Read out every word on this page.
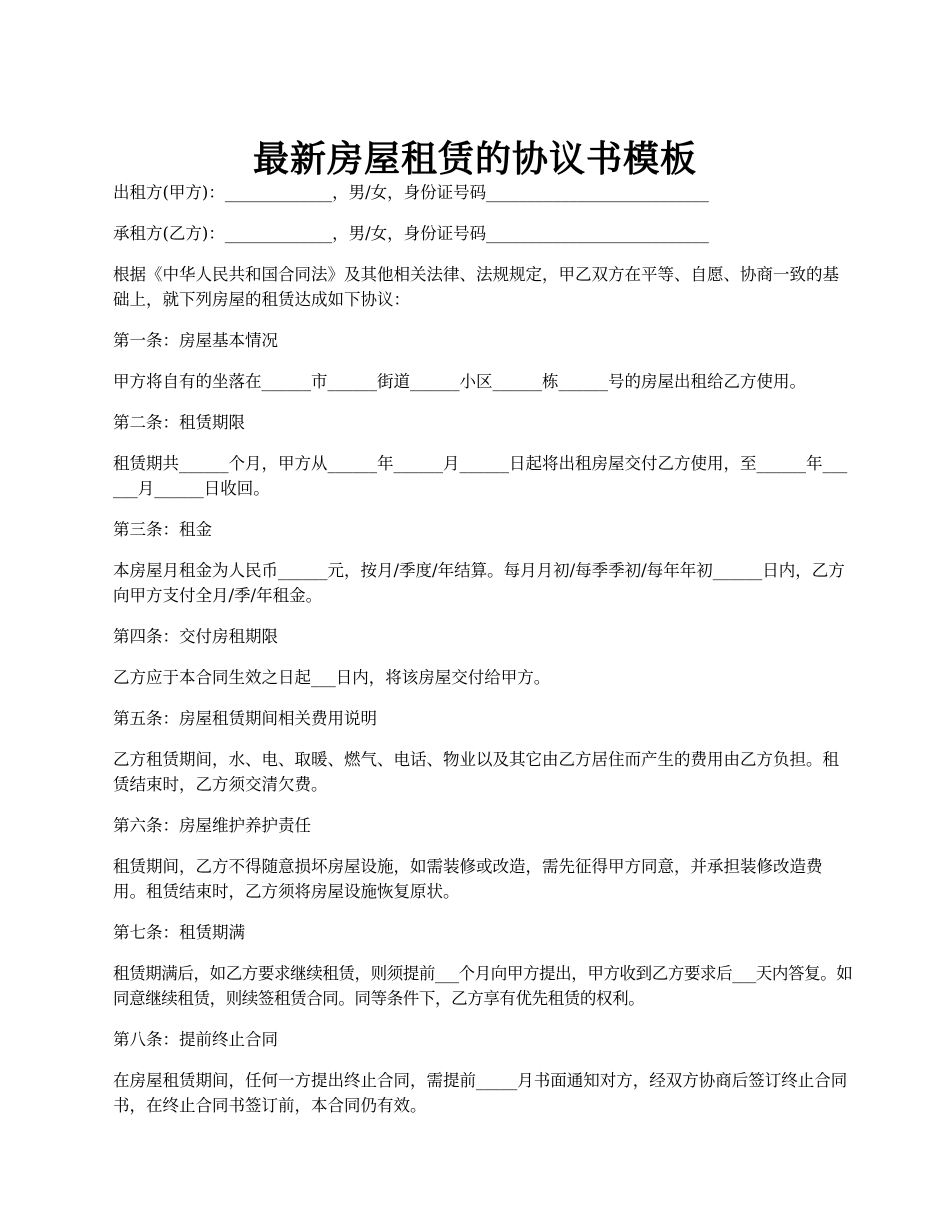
最新房屋租赁的协议书模板

出租方(甲方)：_____________，男/女，身份证号码___________________________

承租方(乙方)：_____________，男/女，身份证号码___________________________

根据《中华人民共和国合同法》及其他相关法律、法规规定，甲乙双方在平等、自愿、协商一致的基础上，就下列房屋的租赁达成如下协议：

第一条：房屋基本情况

甲方将自有的坐落在______市______街道______小区______栋______号的房屋出租给乙方使用。

第二条：租赁期限

租赁期共______个月，甲方从______年______月______日起将出租房屋交付乙方使用，至______年______月______日收回。

第三条：租金

本房屋月租金为人民币______元，按月/季度/年结算。每月月初/每季季初/每年年初______日内，乙方向甲方支付全月/季/年租金。

第四条：交付房租期限

乙方应于本合同生效之日起___日内，将该房屋交付给甲方。

第五条：房屋租赁期间相关费用说明

乙方租赁期间，水、电、取暖、燃气、电话、物业以及其它由乙方居住而产生的费用由乙方负担。租赁结束时，乙方须交清欠费。

第六条：房屋维护养护责任

租赁期间，乙方不得随意损坏房屋设施，如需装修或改造，需先征得甲方同意，并承担装修改造费用。租赁结束时，乙方须将房屋设施恢复原状。

第七条：租赁期满

租赁期满后，如乙方要求继续租赁，则须提前___个月向甲方提出，甲方收到乙方要求后___天内答复。如同意继续租赁，则续签租赁合同。同等条件下，乙方享有优先租赁的权利。

第八条：提前终止合同

在房屋租赁期间，任何一方提出终止合同，需提前_____月书面通知对方，经双方协商后签订终止合同书，在终止合同书签订前，本合同仍有效。
